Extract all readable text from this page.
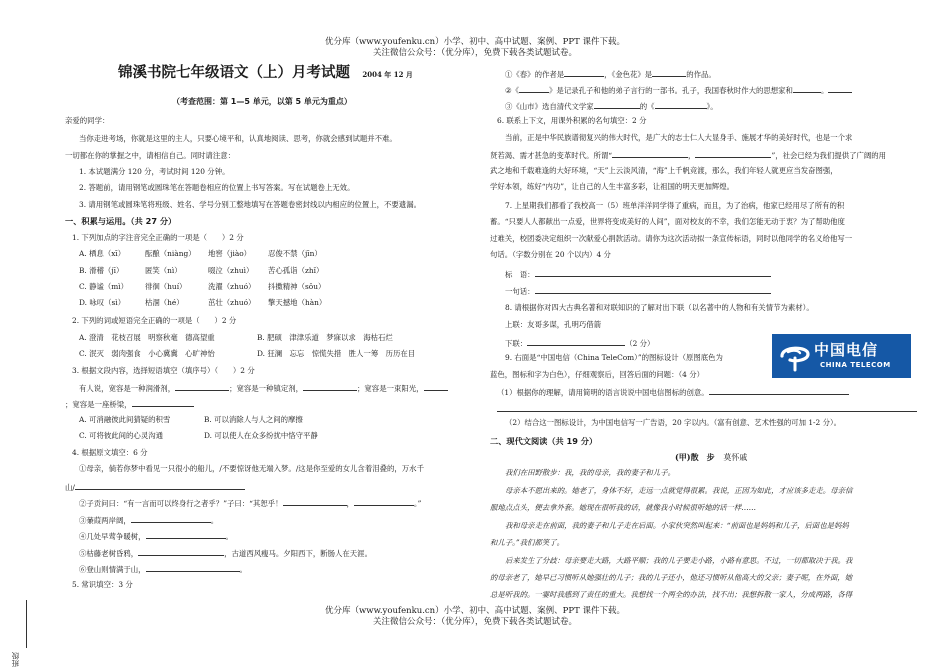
优分库（www.youfenku.cn）小学、初中、高中试题、案例、PPT 课件下载。
关注微信公众号：（优分库），免费下载各类试题试卷。
优分库（www.youfenku.cn）小学、初中、高中试题、案例、PPT 课件下载。
关注微信公众号：（优分库），免费下载各类试题试卷。
锦溪书院七年级语文（上）月考试题 2004 年 12 月
（考查范围：第 1—5 单元，以第 5 单元为重点）
亲爱的同学：
当你走进考场，你就是这里的主人，只要心境平和，认真地阅读、思考，你就会感到试题并不难。
一切都在你的掌握之中，请相信自己。同时请注意：
1. 本试题满分 120 分，考试时间 120 分钟。
2. 答题前，请用钢笔或圆珠笔在答题卷相应的位置上书写答案。写在试题卷上无效。
3. 请用钢笔或圆珠笔将班级、姓名、学号分别工整地填写在答题卷密封线以内相应的位置上，不要遗漏。
一、积累与运用。（共 27 分）
1. 下列加点的字注音完全正确的一项是（　　）2 分
A. 栖息（xī）	酝酿（niàng） 地窖（jiào） 忍俊不禁（jīn）
B. 滑稽（jī）	匿笑（nì）	啜泣（zhuì） 苦心孤诣（zhǐ）
C. 静谧（mì） 徘徊（huí）	洗濯（zhuó） 抖擞精神（sǒu）
D. 咏叹（sì）	枯涸（hé）	茁壮（zhuó） 擎天撼地（hàn）
2. 下列的词或短语完全正确的一项是（　　）2 分
A. 澄清　花枝召展　明察秋毫　德高望重	B. 肥硕　津津乐道　梦寐以求　海枯石烂
C. 泯灭　弱肉强食　小心冀冀　心旷神怡	D. 狂澜　忘忘　惊慌失措　胜人一筹　历历在目
3. 根据文段内容，选择短语填空（填序号）（　　）2 分
有人说，宽容是一种润滑剂，	；宽容是一种镇定剂，	；宽容是一束阳光，
；宽容是一座桥梁，
A. 可消融彼此间猜疑的积雪	B. 可以消除人与人之间的摩擦
C. 可将彼此间的心灵沟通	D. 可以使人在众多纷扰中恪守平静
4. 根据原文填空：6 分
①母亲，倘若你梦中看见一只很小的船儿，/不要惊讶他无端入梦。/这是你至爱的女儿含着泪叠的，万水千
山/
②子贡问曰：“有一言而可以终身行之者乎？”子曰：“其恕乎！	，	。”
③蒹葭两岸阔，	。
④几处早莺争暖树，	。
⑤枯藤老树昏鸦，	，古道西风瘦马。夕阳西下，断肠人在天涯。
⑥登山则情满于山，	。
5. 常识填空：3 分
①《春》的作者是	，《金色花》是	的作品。
②《	》是记录孔子和他的弟子言行的一部书。孔子，我国春秋时作大的思想家和	。
③《山市》选自清代文学家	的《	》。
6. 联系上下文，用课外积累的名句填空：2 分
当前，正是中华民族谱彻复兴的伟大时代，是广大的志士仁人大显身手、施展才华的美好时代，也是一个求
贤若渴、需才甚急的变革时代。所谓“	，	”，社会已经为我们提供了广阔的用
武之地和千载难逢的大好环境，“天”上云淡风清，“海”上千帆竞渡，那么，我们年轻人就更应当发奋图强，
学好本领，练好“内功”，让自己的人生丰富多彩，让祖国的明天更加辉煌。
7. 上星期我们都看了我校高一（5）班单洋洋同学得了重病，而且，为了治病，他家已经用尽了所有的积
蓄。“只要人人都献出一点爱，世界将变成美好的人间”，面对校友的不幸，我们怎能无动于衷？为了帮助他度
过难关，校团委决定组织一次献爱心捐款活动。请你为这次活动拟一条宣传标语，同时以他同学的名义给他写一
句话。（字数分别在 20 个以内）4 分
标　语：
一句话：
8. 请根据你对四大古典名著和对联知识的了解对出下联（以名著中的人物和有关情节为素材）。
上联：友哥多谋，孔明巧借箭
下联：	（2 分）
9. 右面是“中国电信（China TeleCom）”的图标设计（原图底色为
蓝色，图标和字为白色），仔细观察后，回答后面的问题：（4 分）
（1）根据你的理解，请用简明的语言说说中国电信图标的创意。
（2）结合这一图标设计，为中国电信写一广告语，20 字以内。（富有创意、艺术性强的可加 1-2 分）。
二、现代文阅读（共 19 分）
(甲)散　步 莫怀戚
我们在田野散步：我，我的母亲，我的妻子和儿子。
母亲本不愿出来的。她老了，身体不好，走远一点就觉得很累。我说，正因为如此，才应该多走走。母亲信
服地点点头，便去拿外套。她现在很听我的话，就像我小时候很听她的话一样……
我和母亲走在前面，我的妻子和儿子走在后面。小家伙突然叫起来：“前面也是妈妈和儿子，后面也是妈妈
和儿子。”我们都笑了。
后来发生了分歧：母亲要走大路，大路平顺；我的儿子要走小路，小路有意思。不过，一切都取决于我。我
的母亲老了，她早已习惯听从她强壮的儿子；我的儿子还小，他还习惯听从他高大的父亲；妻子呢，在外面，她
总是听我的。一霎时我感到了责任的重大。我想找一个两全的办法，找不出；我想拆散一家人，分成两路，各得
中国电信
CHINA TELECOM
班级
